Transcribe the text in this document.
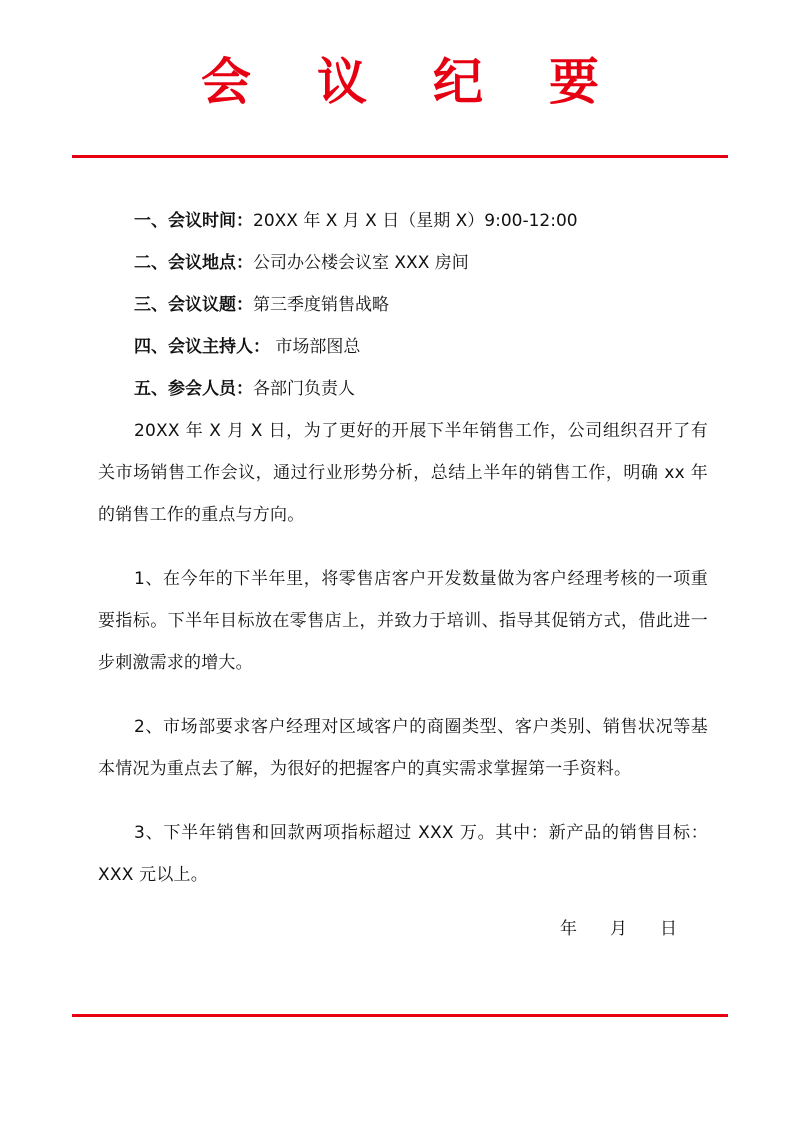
会 议 纪 要
一、会议时间：20XX 年 X 月 X 日（星期 X）9:00-12:00
二、会议地点：公司办公楼会议室 XXX 房间
三、会议议题：第三季度销售战略
四、会议主持人： 市场部图总
五、参会人员：各部门负责人

20XX 年 X 月 X 日，为了更好的开展下半年销售工作，公司组织召开了有关市场销售工作会议，通过行业形势分析，总结上半年的销售工作，明确 xx 年的销售工作的重点与方向。

1、在今年的下半年里，将零售店客户开发数量做为客户经理考核的一项重要指标。下半年目标放在零售店上，并致力于培训、指导其促销方式，借此进一步刺激需求的增大。

2、市场部要求客户经理对区域客户的商圈类型、客户类别、销售状况等基本情况为重点去了解，为很好的把握客户的真实需求掌握第一手资料。

3、下半年销售和回款两项指标超过 XXX 万。其中：新产品的销售目标：XXX 元以上。

年 月 日
